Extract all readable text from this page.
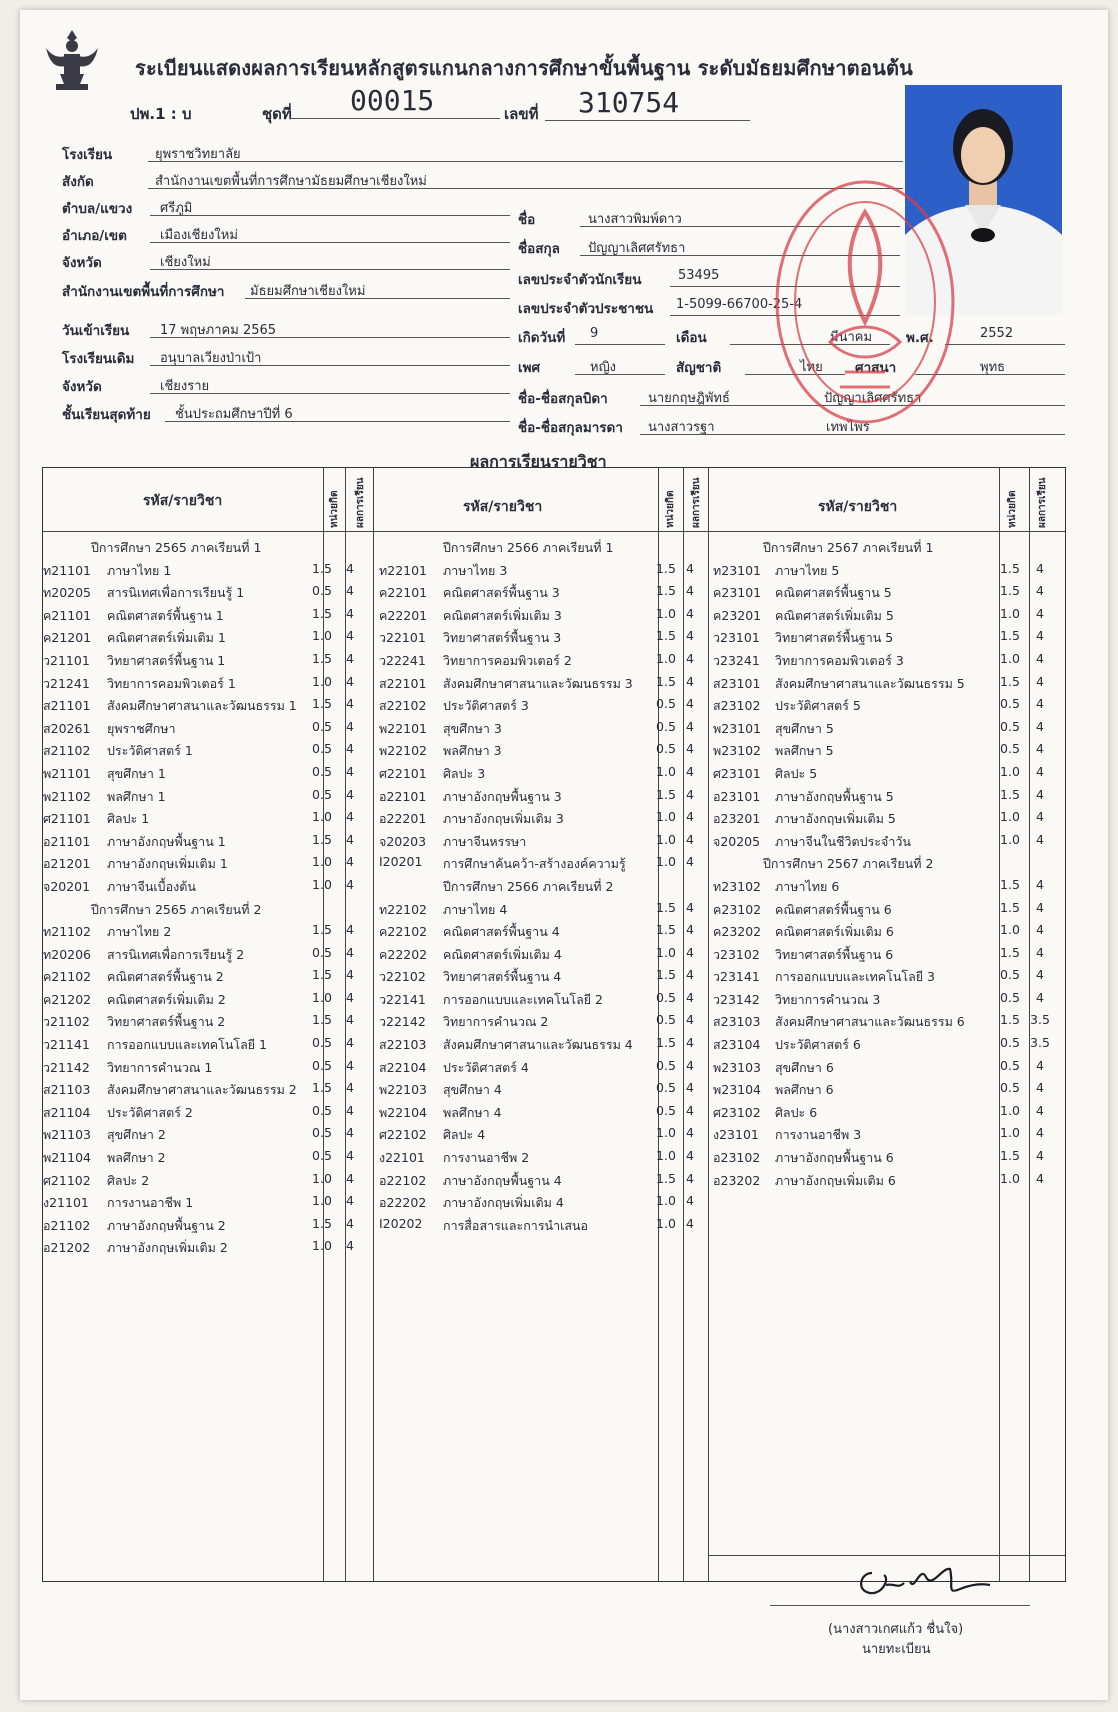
ระเบียนแสดงผลการเรียนหลักสูตรแกนกลางการศึกษาขั้นพื้นฐาน ระดับมัธยมศึกษาตอนต้น
ปพ.1 : บ	ชุดที่ 00015	เลขที่ 310754
โรงเรียน	ยุพราชวิทยาลัย
สังกัด	สำนักงานเขตพื้นที่การศึกษามัธยมศึกษาเชียงใหม่
ตำบล/แขวง ศรีภูมิ
อำเภอ/เขต	เมืองเชียงใหม่
จังหวัด	เชียงใหม่
สำนักงานเขตพื้นที่การศึกษา มัธยมศึกษาเชียงใหม่
วันเข้าเรียน 17 พฤษภาคม 2565
โรงเรียนเดิม อนุบาลเวียงป่าเป้า
จังหวัด	เชียงราย
ชั้นเรียนสุดท้าย ชั้นประถมศึกษาปีที่ 6
ชื่อ	นางสาวพิมพ์ดาว
ชื่อสกุล ปัญญาเลิศศรัทธา
เลขประจำตัวนักเรียน	53495
เลขประจำตัวประชาชน 1-5099-66700-25-4
เกิดวันที่ 9	เดือน	มีนาคม	พ.ศ.	2552
เพศ	หญิง	สัญชาติ	ไทย ศาสนา	พุทธ
ชื่อ-ชื่อสกุลบิดา	นายกฤษฎิพัทธ์	ปัญญาเลิศศรัทธา
ชื่อ-ชื่อสกุลมารดา นางสาวรฐา	เทพไพร
ผลการเรียนรายวิชา
รหัส/รายวิชา	หน่วยกิต ผลการเรียน	รหัส/รายวิชา	หน่วยกิต ผลการเรียน	รหัส/รายวิชา	หน่วยกิต ผลการเรียน
ปีการศึกษา 2565 ภาคเรียนที่ 1
ท21101 ภาษาไทย 1	1.5	4
ท20205 สารนิเทศเพื่อการเรียนรู้ 1	0.5	4
ค21101 คณิตศาสตร์พื้นฐาน 1	1.5	4
ค21201 คณิตศาสตร์เพิ่มเติม 1	1.0	4
ว21101 วิทยาศาสตร์พื้นฐาน 1	1.5	4
ว21241 วิทยาการคอมพิวเตอร์ 1	1.0	4
ส21101 สังคมศึกษาศาสนาและวัฒนธรรม 1	1.5	4
ส20261 ยุพราชศึกษา	0.5	4
ส21102 ประวัติศาสตร์ 1	0.5	4
พ21101 สุขศึกษา 1	0.5	4
พ21102 พลศึกษา 1	0.5	4
ศ21101 ศิลปะ 1	1.0	4
อ21101 ภาษาอังกฤษพื้นฐาน 1	1.5	4
อ21201 ภาษาอังกฤษเพิ่มเติม 1	1.0	4
จ20201 ภาษาจีนเบื้องต้น	1.0	4
ปีการศึกษา 2565 ภาคเรียนที่ 2
ท21102 ภาษาไทย 2	1.5	4
ท20206 สารนิเทศเพื่อการเรียนรู้ 2	0.5	4
ค21102 คณิตศาสตร์พื้นฐาน 2	1.5	4
ค21202 คณิตศาสตร์เพิ่มเติม 2	1.0	4
ว21102 วิทยาศาสตร์พื้นฐาน 2	1.5	4
ว21141 การออกแบบและเทคโนโลยี 1	0.5	4
ว21142 วิทยาการคำนวณ 1	0.5	4
ส21103 สังคมศึกษาศาสนาและวัฒนธรรม 2	1.5	4
ส21104 ประวัติศาสตร์ 2	0.5	4
พ21103 สุขศึกษา 2	0.5	4
พ21104 พลศึกษา 2	0.5	4
ศ21102 ศิลปะ 2	1.0	4
ง21101 การงานอาชีพ 1	1.0	4
อ21102 ภาษาอังกฤษพื้นฐาน 2	1.5	4
อ21202 ภาษาอังกฤษเพิ่มเติม 2	1.0	4
ปีการศึกษา 2566 ภาคเรียนที่ 1
ท22101 ภาษาไทย 3	1.5 4
ค22101 คณิตศาสตร์พื้นฐาน 3	1.5 4
ค22201 คณิตศาสตร์เพิ่มเติม 3	1.0 4
ว22101 วิทยาศาสตร์พื้นฐาน 3	1.5 4
ว22241 วิทยาการคอมพิวเตอร์ 2	1.0 4
ส22101 สังคมศึกษาศาสนาและวัฒนธรรม 3	1.5 4
ส22102 ประวัติศาสตร์ 3	0.5 4
พ22101 สุขศึกษา 3	0.5 4
พ22102 พลศึกษา 3	0.5 4
ศ22101 ศิลปะ 3	1.0 4
อ22101 ภาษาอังกฤษพื้นฐาน 3	1.5 4
อ22201 ภาษาอังกฤษเพิ่มเติม 3	1.0 4
จ20203 ภาษาจีนหรรษา	1.0 4
I20201 การศึกษาค้นคว้า-สร้างองค์ความรู้	1.0 4
ปีการศึกษา 2566 ภาคเรียนที่ 2
ท22102 ภาษาไทย 4	1.5 4
ค22102 คณิตศาสตร์พื้นฐาน 4	1.5 4
ค22202 คณิตศาสตร์เพิ่มเติม 4	1.0 4
ว22102 วิทยาศาสตร์พื้นฐาน 4	1.5 4
ว22141 การออกแบบและเทคโนโลยี 2	0.5 4
ว22142 วิทยาการคำนวณ 2	0.5 4
ส22103 สังคมศึกษาศาสนาและวัฒนธรรม 4	1.5 4
ส22104 ประวัติศาสตร์ 4	0.5 4
พ22103 สุขศึกษา 4	0.5 4
พ22104 พลศึกษา 4	0.5 4
ศ22102 ศิลปะ 4	1.0 4
ง22101 การงานอาชีพ 2	1.0 4
อ22102 ภาษาอังกฤษพื้นฐาน 4	1.5 4
อ22202 ภาษาอังกฤษเพิ่มเติม 4	1.0 4
I20202 การสื่อสารและการนำเสนอ	1.0 4
ปีการศึกษา 2567 ภาคเรียนที่ 1
ท23101 ภาษาไทย 5	1.5	4
ค23101 คณิตศาสตร์พื้นฐาน 5	1.5	4
ค23201 คณิตศาสตร์เพิ่มเติม 5	1.0	4
ว23101 วิทยาศาสตร์พื้นฐาน 5	1.5	4
ว23241 วิทยาการคอมพิวเตอร์ 3	1.0	4
ส23101 สังคมศึกษาศาสนาและวัฒนธรรม 5	1.5	4
ส23102 ประวัติศาสตร์ 5	0.5	4
พ23101 สุขศึกษา 5	0.5	4
พ23102 พลศึกษา 5	0.5	4
ศ23101 ศิลปะ 5	1.0	4
อ23101 ภาษาอังกฤษพื้นฐาน 5	1.5	4
อ23201 ภาษาอังกฤษเพิ่มเติม 5	1.0	4
จ20205 ภาษาจีนในชีวิตประจำวัน	1.0	4
ปีการศึกษา 2567 ภาคเรียนที่ 2
ท23102 ภาษาไทย 6	1.5	4
ค23102 คณิตศาสตร์พื้นฐาน 6	1.5	4
ค23202 คณิตศาสตร์เพิ่มเติม 6	1.0	4
ว23102 วิทยาศาสตร์พื้นฐาน 6	1.5	4
ว23141 การออกแบบและเทคโนโลยี 3	0.5	4
ว23142 วิทยาการคำนวณ 3	0.5	4
ส23103 สังคมศึกษาศาสนาและวัฒนธรรม 6	1.5 3.5
ส23104 ประวัติศาสตร์ 6	0.5 3.5
พ23103 สุขศึกษา 6	0.5	4
พ23104 พลศึกษา 6	0.5	4
ศ23102 ศิลปะ 6	1.0	4
ง23101 การงานอาชีพ 3	1.0	4
อ23102 ภาษาอังกฤษพื้นฐาน 6	1.5	4
อ23202 ภาษาอังกฤษเพิ่มเติม 6	1.0	4
(นางสาวเกศแก้ว ชื่นใจ)
นายทะเบียน
